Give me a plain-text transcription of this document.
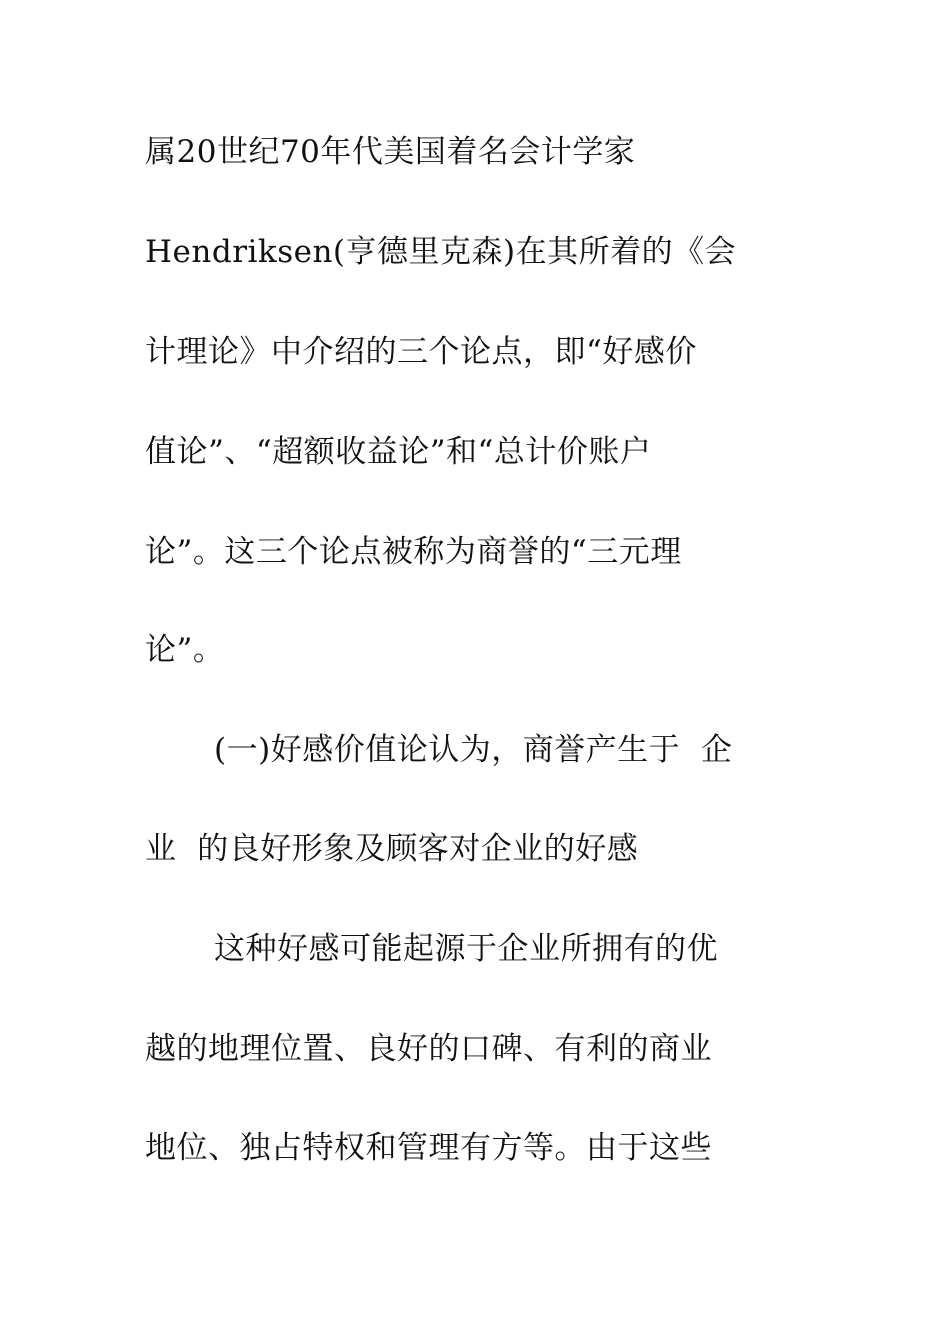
属20世纪70年代美国着名会计学家
Hendriksen(亨德里克森)在其所着的《会
计理论》中介绍的三个论点，即“好感价
值论”、“超额收益论”和“总计价账户
论”。这三个论点被称为商誉的“三元理
论”。
(一)好感价值论认为，商誉产生于  企
业  的良好形象及顾客对企业的好感
这种好感可能起源于企业所拥有的优
越的地理位置、良好的口碑、有利的商业
地位、独占特权和管理有方等。由于这些
